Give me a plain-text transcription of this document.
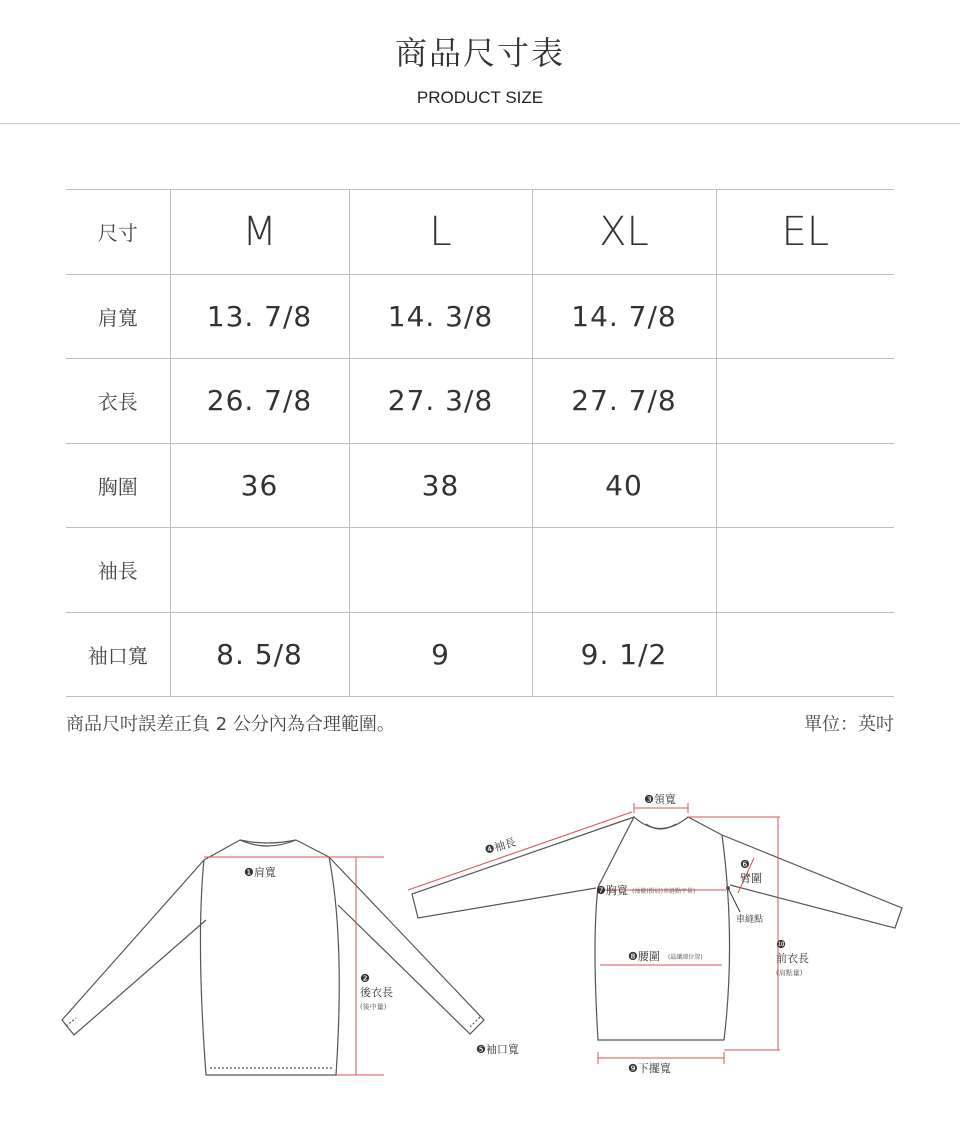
商品尺寸表
PRODUCT SIZE
尺寸	M	L	XL	EL
肩寬	13. 7/8	14. 3/8	14. 7/8	
衣長	26. 7/8	27. 3/8	27. 7/8	
胸圍	36	38	40	
袖長				
袖口寬	8. 5/8	9	9. 1/2	
商品尺吋誤差正負 2 公分內為合理範圍。	單位：英吋
❶肩寬
❷
後衣長
(後中量)
❸領寬
❹袖長
❺袖口寬
❻
臂圍
❼胸寬 (袖襱(掛肩)車縫點平量)
車縫點
❽腰圍 (最纖細位置)
❾下擺寬
❿
前衣長
(肩點量)
